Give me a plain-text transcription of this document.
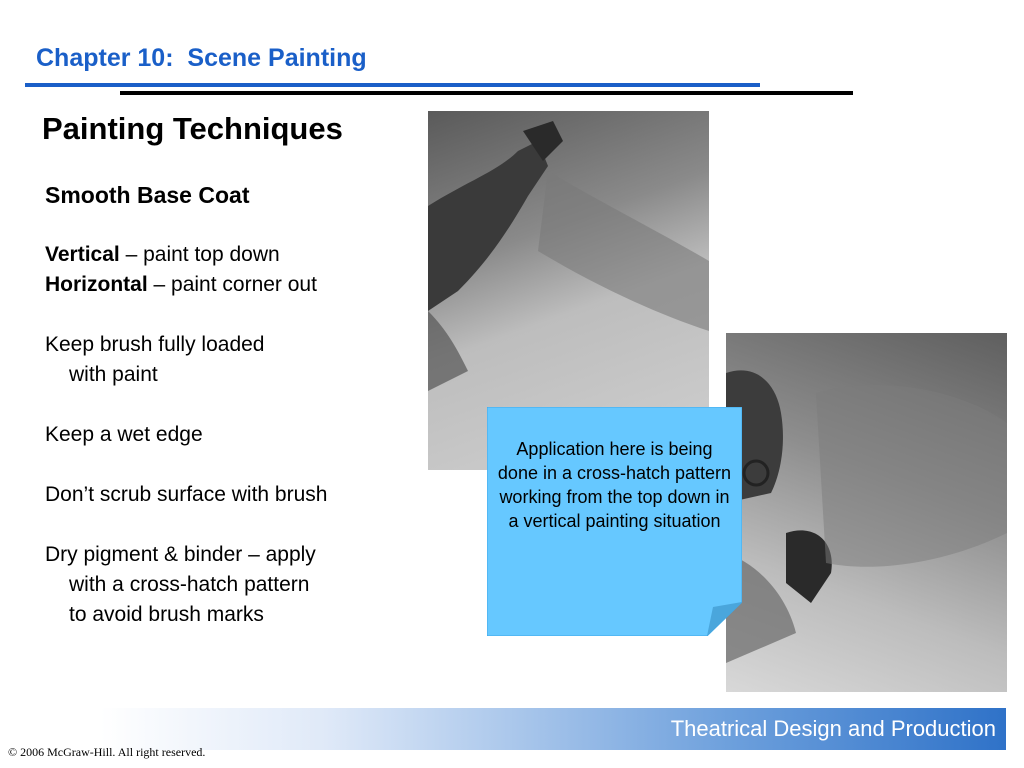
Chapter 10:  Scene Painting
Painting Techniques

Smooth Base Coat

Vertical – paint top down

Horizontal – paint corner out

Keep brush fully loaded

with paint

Keep a wet edge

Don’t scrub surface with brush

Dry pigment & binder – apply

with a cross-hatch pattern

to avoid brush marks

Application here is being done in a cross-hatch pattern working from the top down in a vertical painting situation
Theatrical Design and Production
© 2006 McGraw-Hill. All right reserved.
